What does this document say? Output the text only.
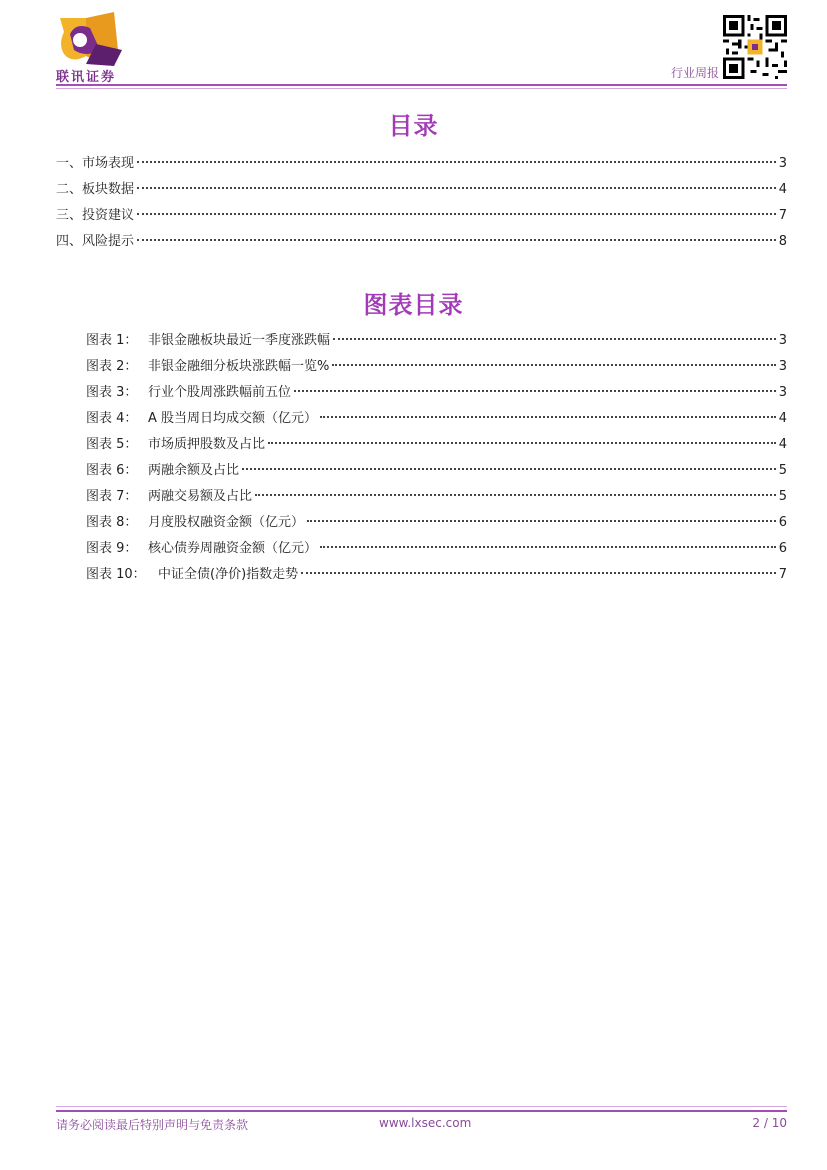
联讯证券	行业周报
目录
一、市场表现	3
二、板块数据	4
三、投资建议	7
四、风险提示	8
图表目录
图表 1： 非银金融板块最近一季度涨跌幅	3
图表 2： 非银金融细分板块涨跌幅一览%	3
图表 3： 行业个股周涨跌幅前五位	3
图表 4： A 股当周日均成交额（亿元）	4
图表 5： 市场质押股数及占比	4
图表 6： 两融余额及占比	5
图表 7： 两融交易额及占比	5
图表 8： 月度股权融资金额（亿元）	6
图表 9： 核心债券周融资金额（亿元）	6
图表 10： 中证全债(净价)指数走势	7
请务必阅读最后特别声明与免责条款	www.lxsec.com	2 / 10
